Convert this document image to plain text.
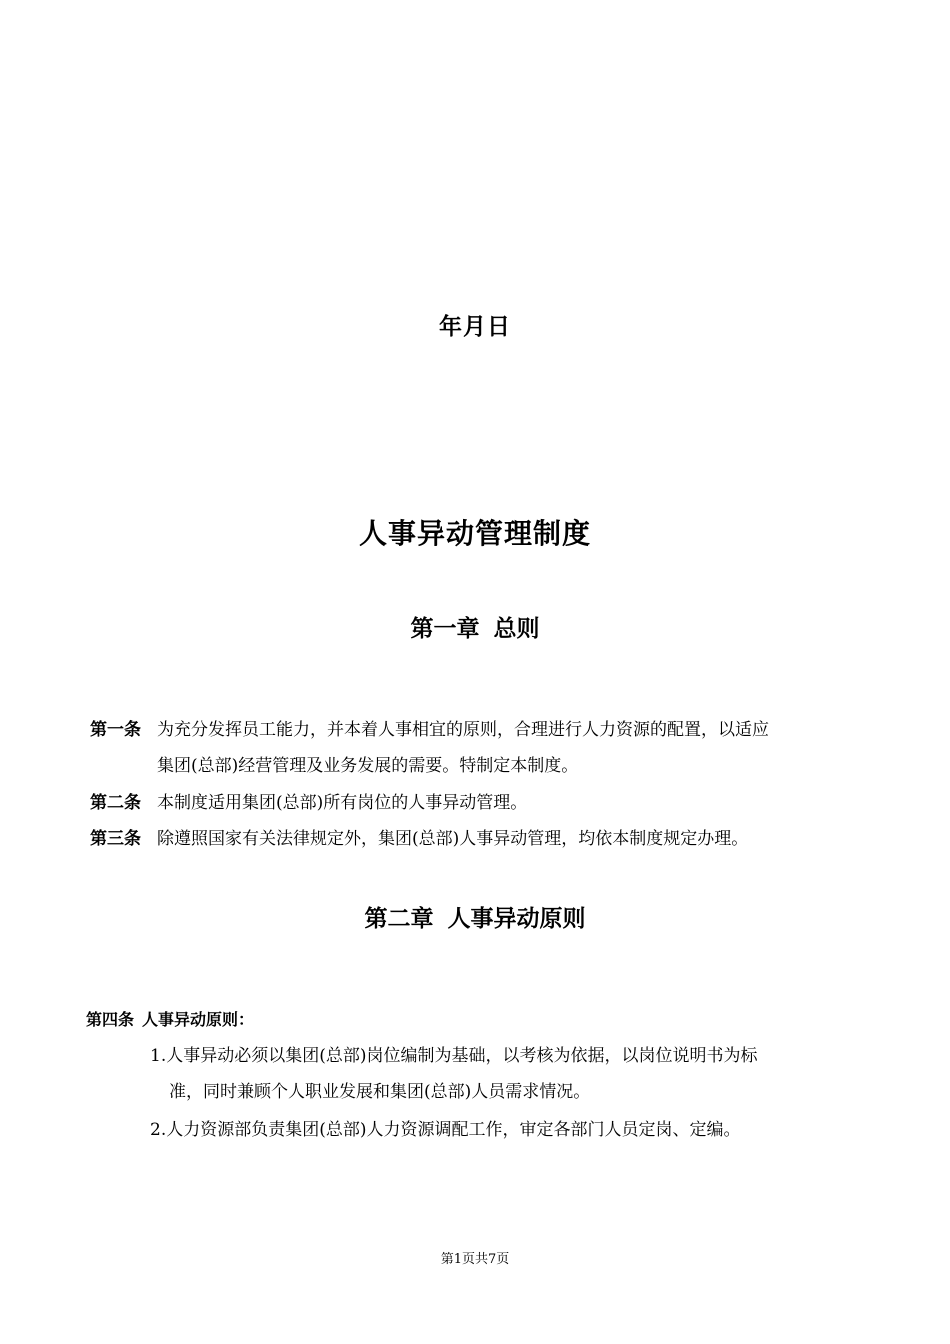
年月日
人事异动管理制度
第一章 总则
第一条 为充分发挥员工能力，并本着人事相宜的原则，合理进行人力资源的配置，以适应
集团(总部)经营管理及业务发展的需要。特制定本制度。
第二条 本制度适用集团(总部)所有岗位的人事异动管理。
第三条 除遵照国家有关法律规定外，集团(总部)人事异动管理，均依本制度规定办理。
第二章 人事异动原则
第四条 人事异动原则：
1.人事异动必须以集团(总部)岗位编制为基础，以考核为依据，以岗位说明书为标
准，同时兼顾个人职业发展和集团(总部)人员需求情况。
2.人力资源部负责集团(总部)人力资源调配工作，审定各部门人员定岗、定编。
第1页共7页
